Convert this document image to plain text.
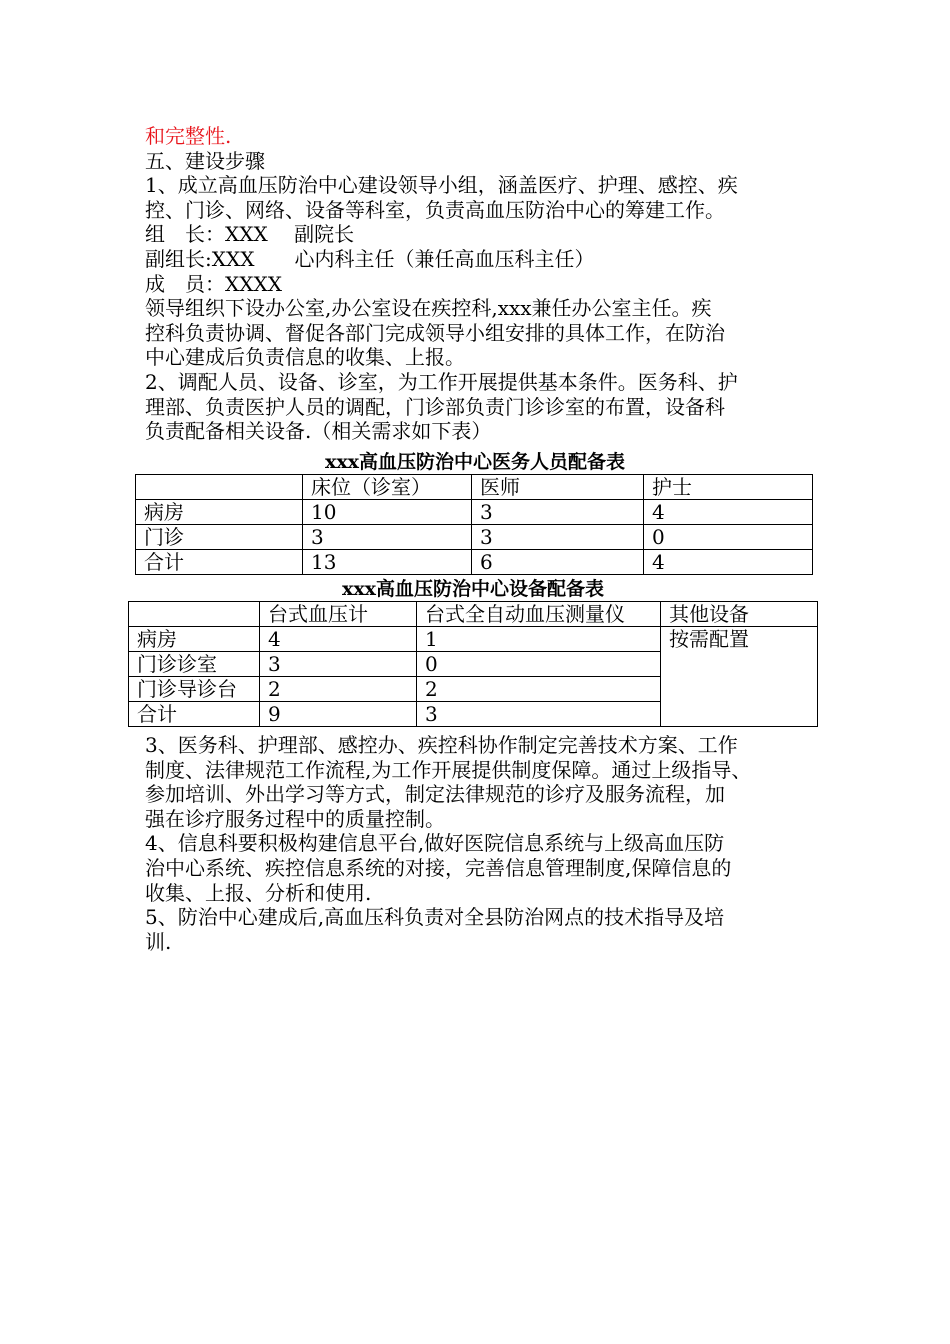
和完整性.

五、建设步骤

1、成立高血压防治中心建设领导小组，涵盖医疗、护理、感控、疾

控、门诊、网络、设备等科室，负责高血压防治中心的筹建工作。

组　长：XXX　 副院长

副组长:XXX　　心内科主任（兼任高血压科主任）

成　员：XXXX

领导组织下设办公室,办公室设在疾控科,xxx兼任办公室主任。疾

控科负责协调、督促各部门完成领导小组安排的具体工作，在防治

中心建成后负责信息的收集、上报。

2、调配人员、设备、诊室，为工作开展提供基本条件。医务科、护

理部、负责医护人员的调配，门诊部负责门诊诊室的布置，设备科

负责配备相关设备.（相关需求如下表）

xxx高血压防治中心医务人员配备表
	床位（诊室）	医师	护士
病房	10	3	4
门诊	3	3	0
合计	13	6	4
xxx高血压防治中心设备配备表
	台式血压计	台式全自动血压测量仪	其他设备
病房	4	1	按需配置
门诊诊室	3	0	
门诊导诊台	2	2	
合计	9	3	

3、医务科、护理部、感控办、疾控科协作制定完善技术方案、工作

制度、法律规范工作流程,为工作开展提供制度保障。通过上级指导、

参加培训、外出学习等方式，制定法律规范的诊疗及服务流程，加

强在诊疗服务过程中的质量控制。

4、信息科要积极构建信息平台,做好医院信息系统与上级高血压防

治中心系统、疾控信息系统的对接，完善信息管理制度,保障信息的

收集、上报、分析和使用.

5、防治中心建成后,高血压科负责对全县防治网点的技术指导及培

训.
